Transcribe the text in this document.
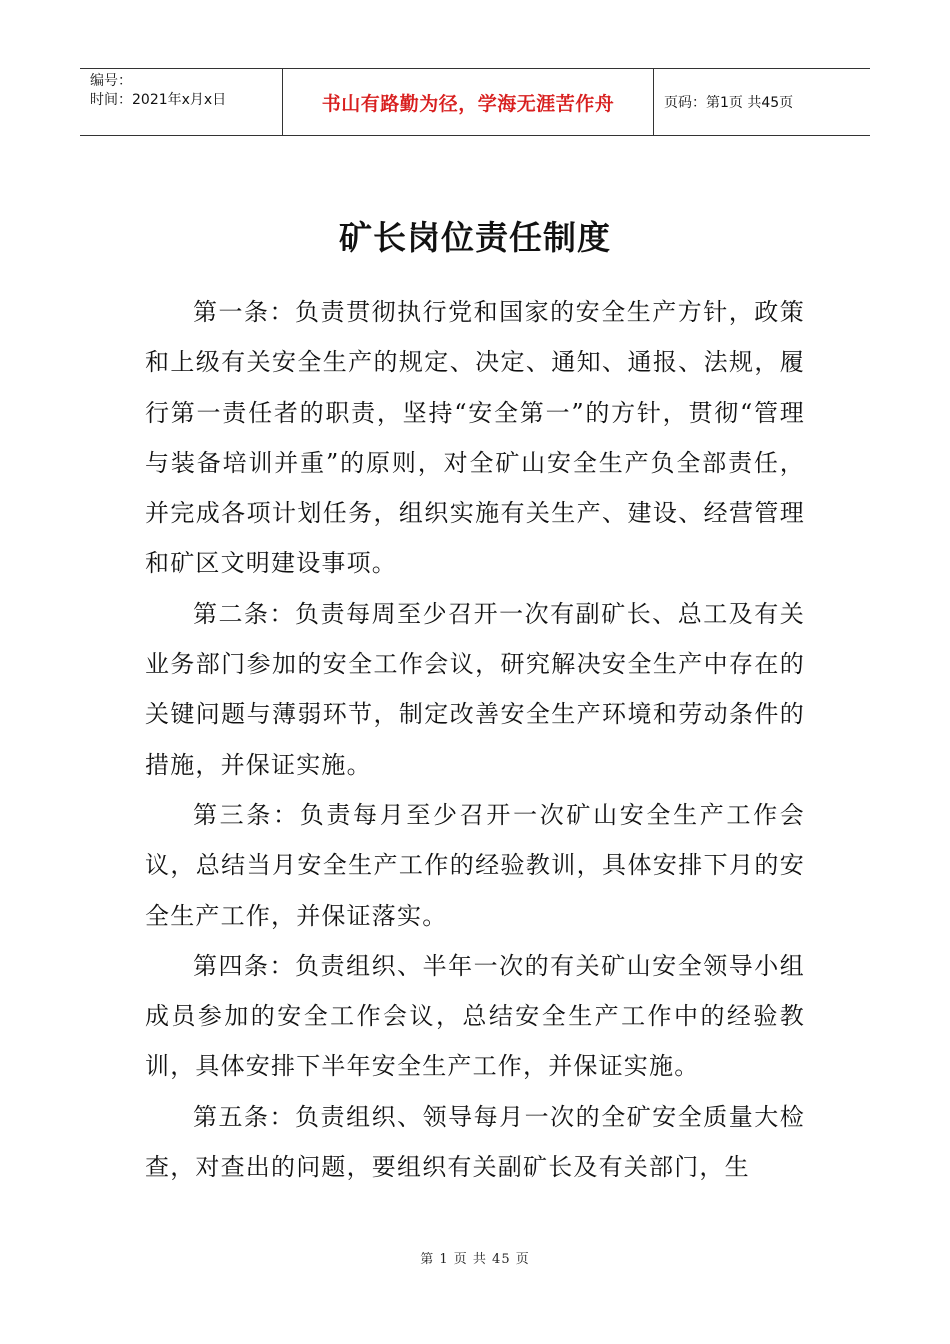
编号：
时间：2021年x月x日	书山有路勤为径，学海无涯苦作舟	页码：第1页 共45页
矿长岗位责任制度

第一条：负责贯彻执行党和国家的安全生产方针，政策和上级有关安全生产的规定、决定、通知、通报、法规，履行第一责任者的职责，坚持“安全第一”的方针，贯彻“管理与装备培训并重”的原则，对全矿山安全生产负全部责任，并完成各项计划任务，组织实施有关生产、建设、经营管理和矿区文明建设事项。

第二条：负责每周至少召开一次有副矿长、总工及有关业务部门参加的安全工作会议，研究解决安全生产中存在的关键问题与薄弱环节，制定改善安全生产环境和劳动条件的措施，并保证实施。

第三条：负责每月至少召开一次矿山安全生产工作会议，总结当月安全生产工作的经验教训，具体安排下月的安全生产工作，并保证落实。

第四条：负责组织、半年一次的有关矿山安全领导小组成员参加的安全工作会议，总结安全生产工作中的经验教训，具体安排下半年安全生产工作，并保证实施。

第五条：负责组织、领导每月一次的全矿安全质量大检查，对查出的问题，要组织有关副矿长及有关部门，生

第 1 页 共 45 页
